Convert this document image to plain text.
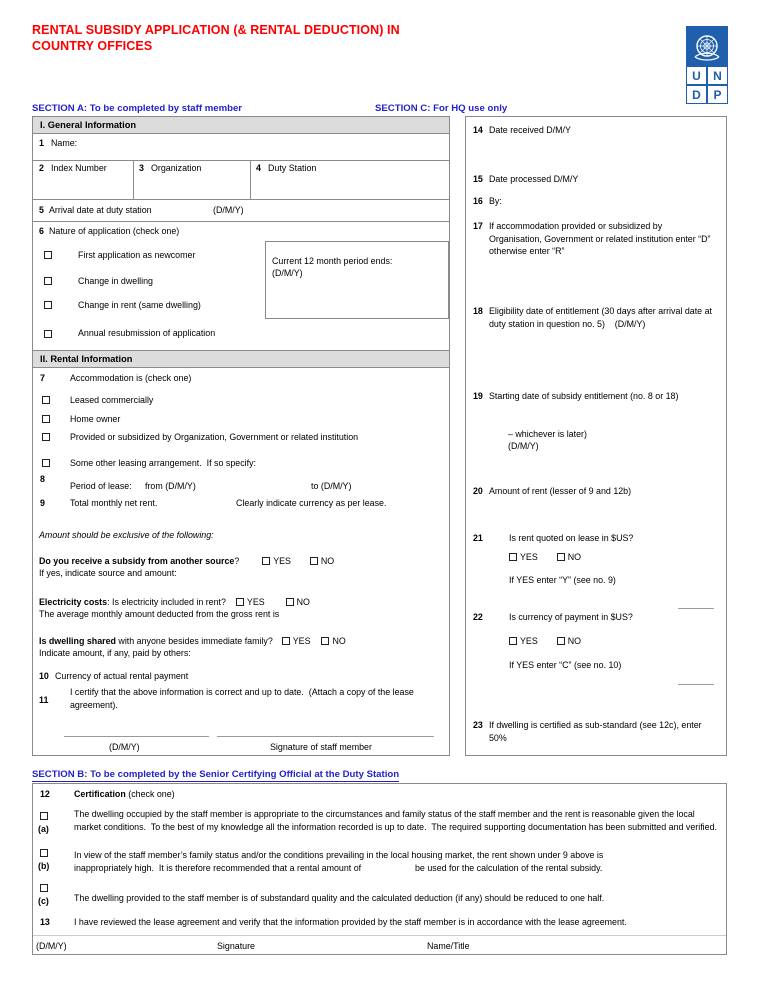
RENTAL SUBSIDY APPLICATION (& RENTAL DEDUCTION) IN COUNTRY OFFICES
U	N
D	P
SECTION A: To be completed by staff member	SECTION C: For HQ use only
SECTION B: To be completed by the Senior Certifying Official at the Duty Station
I. General Information
1 Name:
2 Index Number	3 Organization	4 Duty Station
5 Arrival date at duty station	(D/M/Y)
6 Nature of application (check one)
First application as newcomer
Change in dwelling
Change in rent (same dwelling)
Annual resubmission of application
Current 12 month period ends:
(D/M/Y)
II. Rental Information
7	Accommodation is (check one)
Leased commercially
Home owner
Provided or subsidized by Organization, Government or related institution
Some other leasing arrangement.  If so specify:
8
Period of lease: from (D/M/Y)	to (D/M/Y)
9	Total monthly net rent.	Clearly indicate currency as per lease.
Amount should be exclusive of the following:
Do you receive a subsidy from another source?	YES	NO
If yes, indicate source and amount:
Electricity costs: Is electricity included in rent? YES	NO
The average monthly amount deducted from the gross rent is
Is dwelling shared with anyone besides immediate family? YES NO
Indicate amount, if any, paid by others:
10 Currency of actual rental payment
11
I certify that the above information is correct and up to date.  (Attach a copy of the lease agreement).
(D/M/Y)	Signature of staff member
14 Date received D/M/Y
15 Date processed D/M/Y
16 By:
17 If accommodation provided or subsidized by Organisation, Government or related institution enter “D” otherwise enter “R”
18 Eligibility date of entitlement (30 days after arrival date at duty station in question no. 5)    (D/M/Y)
19 Starting date of subsidy entitlement (no. 8 or 18)
– whichever is later)
(D/M/Y)
20 Amount of rent (lesser of 9 and 12b)
21	Is rent quoted on lease in $US?
YES	NO
If YES enter “Y” (see no. 9)
22	Is currency of payment in $US?
YES	NO
If YES enter “C” (see no. 10)
23 If dwelling is certified as sub-standard (see 12c), enter 50%
12	Certification (check one)
(a)
The dwelling occupied by the staff member is appropriate to the circumstances and family status of the staff member and the rent is reasonable given the local market conditions.  To the best of my knowledge all the information recorded is up to date.  The required supporting documentation has been submitted and verified.
(b)
In view of the staff member’s family status and/or the conditions prevailing in the local housing market, the rent shown under 9 above is
inappropriately high.  It is therefore recommended that a rental amount of	be used for the calculation of the rental subsidy.
(c)	The dwelling provided to the staff member is of substandard quality and the calculated deduction (if any) should be reduced to one half.
13	I have reviewed the lease agreement and verify that the information provided by the staff member is in accordance with the lease agreement.
(D/M/Y)	Signature	Name/Title
